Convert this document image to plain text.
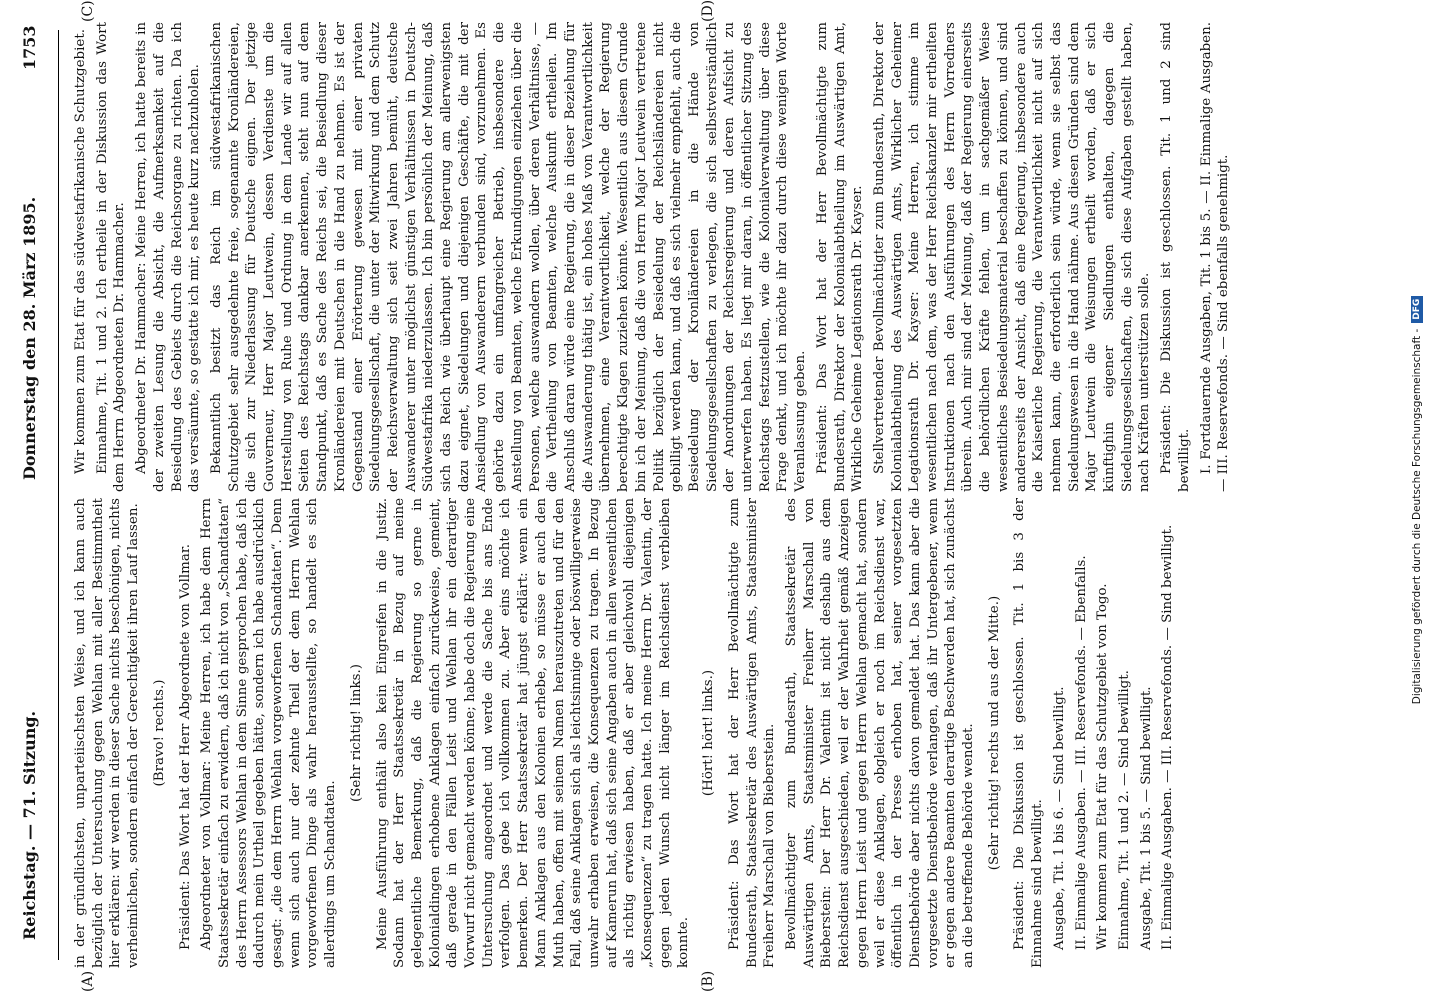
Reichstag. — 71. Sitzung.
Donnerstag den 28. März 1895.
1753
(A)	(B)
(C)	(D)

in der gründlichsten, unparteiischsten Weise, und ich kann auch bezüglich der Untersuchung gegen Wehlan mit aller Bestimmtheit hier erklären: wir werden in dieser Sache nichts beschönigen, nichts verheimlichen, sondern einfach der Gerechtigkeit ihren Lauf lassen. (Bravo! rechts.) Präsident: Das Wort hat der Herr Abgeordnete von Vollmar. Abgeordneter von Vollmar: Meine Herren, ich habe dem Herrn Staatssekretär einfach zu erwidern, daß ich nicht von „Schandtaten“ des Herrn Assessors Wehlan in dem Sinne gesprochen habe, daß ich dadurch mein Urtheil gegeben hätte, sondern ich habe ausdrücklich gesagt: „die dem Herrn Wehlan vorgeworfenen Schandtaten“. Denn wenn sich auch nur der zehnte Theil der dem Herrn Wehlan vorgeworfenen Dinge als wahr herausstellte, so handelt es sich allerdings um Schandtaten.

(Sehr richtig! links.) Meine Ausführung enthält also kein Eingreifen in die Justiz. Sodann hat der Herr Staatssekretär in Bezug auf meine gelegentliche Bemerkung, daß die Regierung so gerne in Kolonialdingen erhobene Anklagen einfach zurückweise, gemeint, daß gerade in den Fällen Leist und Wehlan ihr ein derartiger Vorwurf nicht gemacht werden könne; habe doch die Regierung eine Untersuchung angeordnet und werde die Sache bis ans Ende verfolgen. Das gebe ich vollkommen zu. Aber eins möchte ich bemerken. Der Herr Staatssekretär hat jüngst erklärt: wenn ein Mann Anklagen aus den Kolonien erhebe, so müsse er auch den Muth haben, offen mit seinem Namen herauszutreten und für den Fall, daß seine Anklagen sich als leichtsinnige oder böswilligerweise unwahr erhaben erweisen, die Konsequenzen zu tragen. In Bezug auf Kamerun hat, daß sich seine Angaben auch in allen wesentlichen als richtig erwiesen haben, daß er aber gleichwohl diejenigen „Konsequenzen“ zu tragen hatte. Ich meine Herrn Dr. Valentin, der gegen jeden Wunsch nicht länger im Reichsdienst verbleiben konnte.

(Hört! hört! links.) Präsident: Das Wort hat der Herr Bevollmächtigte zum Bundesrath, Staatssekretär des Auswärtigen Amts, Staatsminister Freiherr Marschall von Bieberstein. Bevollmächtigter zum Bundesrath, Staatssekretär des Auswärtigen Amts, Staatsminister Freiherr Marschall von Bieberstein: Der Herr Dr. Valentin ist nicht deshalb aus dem Reichsdienst ausgeschieden, weil er der Wahrheit gemäß Anzeigen gegen Herrn Leist und gegen Herrn Wehlan gemacht hat, sondern weil er diese Anklagen, obgleich er noch im Reichsdienst war, öffentlich in der Presse erhoben hat, seiner vorgesetzten Dienstbehörde aber nichts davon gemeldet hat. Das kann aber die vorgesetzte Dienstbehörde verlangen, daß ihr Untergebener, wenn er gegen andere Beamten derartige Beschwerden hat, sich zunächst an die betreffende Behörde wendet. (Sehr richtig! rechts und aus der Mitte.) Präsident: Die Diskussion ist geschlossen. Tit. 1 bis 3 der Einnahme sind bewilligt. Ausgabe, Tit. 1 bis 6. — Sind bewilligt. II. Einmalige Ausgaben. — III. Reservefonds. — Ebenfalls. Wir kommen zum Etat für das Schutzgebiet von Togo. Einnahme, Tit. 1 und 2. — Sind bewilligt. Ausgabe, Tit. 1 bis 5. — Sind bewilligt. II. Einmalige Ausgaben. — III. Reservefonds. — Sind bewilligt.

Wir kommen zum Etat für das südwestafrikanische Schutzgebiet. Einnahme, Tit. 1 und 2. Ich ertheile in der Diskussion das Wort dem Herrn Abgeordneten Dr. Hammacher. Abgeordneter Dr. Hammacher: Meine Herren, ich hatte bereits in der zweiten Lesung die Absicht, die Aufmerksamkeit auf die Besiedlung des Gebiets durch die Reichsorgane zu richten. Da ich das versäumte, so gestatte ich mir, es heute kurz nachzuholen. Bekanntlich besitzt das Reich im südwestafrikanischen Schutzgebiet sehr ausgedehnte freie, sogenannte Kronländereien, die sich zur Niederlassung für Deutsche eignen. Der jetzige Gouverneur, Herr Major Leutwein, dessen Verdienste um die Herstellung von Ruhe und Ordnung in dem Lande wir auf allen Seiten des Reichstags dankbar anerkennen, steht nun auf dem Standpunkt, daß es Sache des Reichs sei, die Besiedlung dieser Kronländereien mit Deutschen in die Hand zu nehmen. Es ist der Gegenstand einer Erörterung gewesen mit einer privaten Siedelungsgesellschaft, die unter der Mitwirkung und dem Schutz der Reichsverwaltung sich seit zwei Jahren bemüht, deutsche Auswanderer unter möglichst günstigen Verhältnissen in Deutsch-Südwestafrika niederzulassen. Ich bin persönlich der Meinung, daß sich das Reich wie überhaupt eine Regierung am allerwenigsten dazu eignet, Siedelungen und diejenigen Geschäfte, die mit der Ansiedlung von Auswanderern verbunden sind, vorzunehmen. Es gehörte dazu ein umfangreicher Betrieb, insbesondere die Anstellung von Beamten, welche Erkundigungen einziehen über die Personen, welche auswandern wollen, über deren Verhältnisse, — die Vertheilung von Beamten, welche Auskunft ertheilen. Im Anschluß daran würde eine Regierung, die in dieser Beziehung für die Auswanderung thätig ist, ein hohes Maß von Verantwortlichkeit übernehmen, eine Verantwortlichkeit, welche der Regierung berechtigte Klagen zuziehen könnte. Wesentlich aus diesem Grunde bin ich der Meinung, daß die von Herrn Major Leutwein vertretene Politik bezüglich der Besiedelung der Reichsländereien nicht gebilligt werden kann, und daß es sich vielmehr empfiehlt, auch die Besiedelung der Kronländereien in die Hände von Siedelungsgesellschaften zu verlegen, die sich selbstverständlich der Anordnungen der Reichsregierung und deren Aufsicht zu unterwerfen haben. Es liegt mir daran, in öffentlicher Sitzung des Reichstags festzustellen, wie die Kolonialverwaltung über diese Frage denkt, und ich möchte ihr dazu durch diese wenigen Worte Veranlassung geben. Präsident: Das Wort hat der Herr Bevollmächtigte zum Bundesrath, Direktor der Kolonialabtheilung im Auswärtigen Amt, Wirkliche Geheime Legationsrath Dr. Kayser. Stellvertretender Bevollmächtigter zum Bundesrath, Direktor der Kolonialabtheilung des Auswärtigen Amts, Wirklicher Geheimer Legationsrath Dr. Kayser: Meine Herren, ich stimme im wesentlichen nach dem, was der Herr Reichskanzler mir ertheilten Instruktionen nach den Ausführungen des Herrn Vorredners überein. Auch mir sind der Meinung, daß der Regierung einerseits die behördlichen Kräfte fehlen, um in sachgemäßer Weise wesentliches Besiedelungsmaterial beschaffen zu können, und sind andererseits der Ansicht, daß eine Regierung, insbesondere auch die Kaiserliche Regierung, die Verantwortlichkeit nicht auf sich nehmen kann, die erforderlich sein würde, wenn sie selbst das Siedelungswesen in die Hand nähme. Aus diesen Gründen sind dem Major Leutwein die Weisungen ertheilt worden, daß er sich künftighin eigener Siedlungen enthalten, dagegen die Siedelungsgesellschaften, die sich diese Aufgaben gestellt haben, nach Kräften unterstützen solle. Präsident: Die Diskussion ist geschlossen. Tit. 1 und 2 sind bewilligt. I. Fortdauernde Ausgaben, Tit. 1 bis 5. — II. Einmalige Ausgaben. — III. Reservefonds. — Sind ebenfalls genehmigt.

Digitalisierung gefördert durch die Deutsche Forschungsgemeinschaft -
DFG
